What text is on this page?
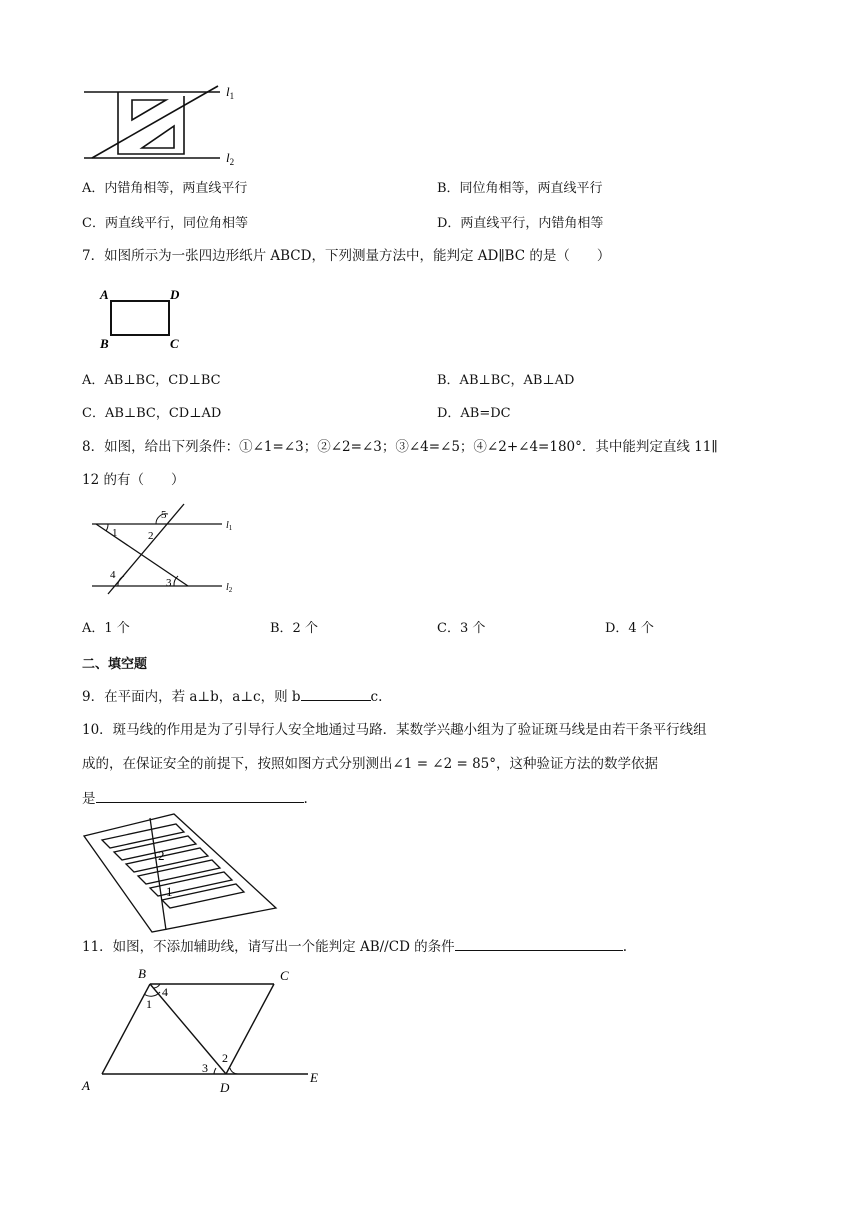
$l_1$
$l_2$
A．内错角相等，两直线平行	B．同位角相等，两直线平行
C．两直线平行，同位角相等	D．两直线平行，内错角相等
7．如图所示为一张四边形纸片 ABCD，下列测量方法中，能判定 AD∥BC 的是（　　）
A	D
B	C
A．AB⊥BC，CD⊥BC	B．AB⊥BC，AB⊥AD
C．AB⊥BC，CD⊥AD	D．AB=DC
8．如图，给出下列条件：①∠1=∠3；②∠2=∠3；③∠4=∠5；④∠2+∠4=180°．其中能判定直线 11∥
12 的有（　　）
1	2
3
4
5
$l_1$
$l_2$
A．1 个	B．2 个	C．3 个	D．4 个
二、填空题
9．在平面内，若 a⊥b，a⊥c，则 b	c.
10．斑马线的作用是为了引导行人安全地通过马路．某数学兴趣小组为了验证斑马线是由若干条平行线组
成的，在保证安全的前提下，按照如图方式分别测出∠1 = ∠2 = 85°，这种验证方法的数学依据
是	.
2
1
11．如图，不添加辅助线，请写出一个能判定 AB//CD 的条件	.
B	C
A	D
E
1
4
2
3
